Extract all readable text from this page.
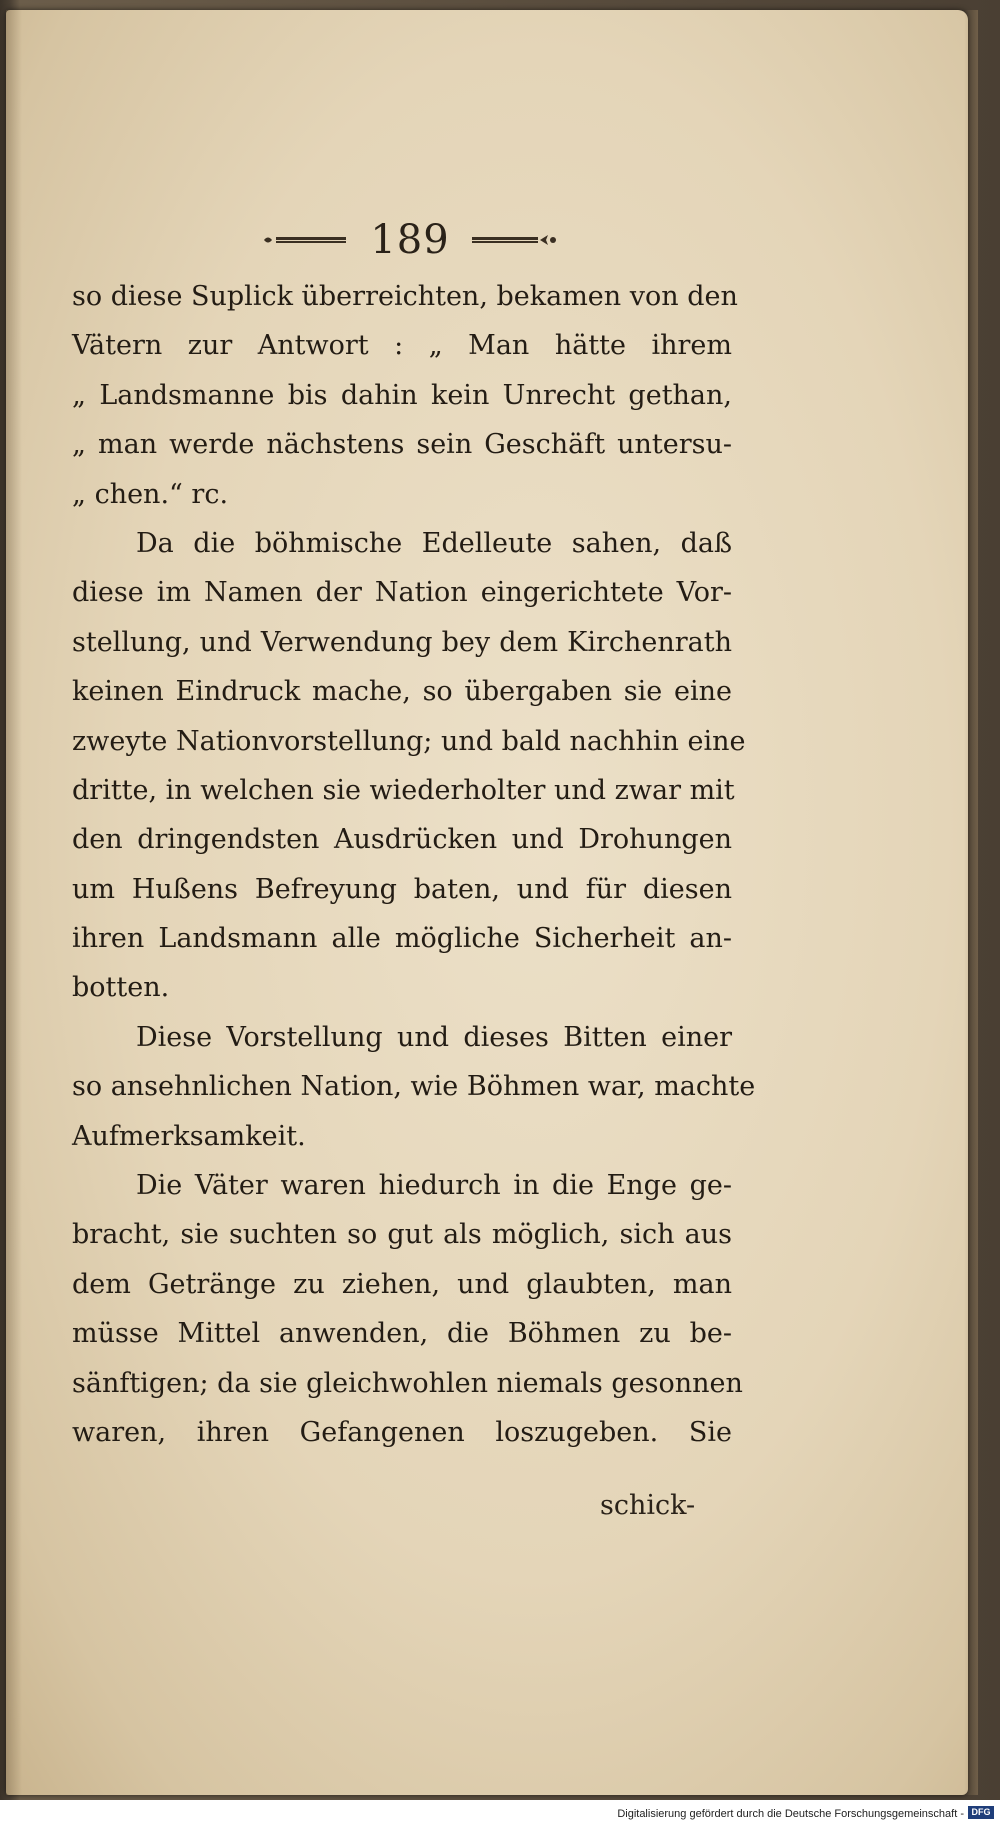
189
so diese Suplick überreichten, bekamen von den
Vätern zur Antwort : „ Man hätte ihrem
„ Landsmanne bis dahin kein Unrecht gethan,
„ man werde nächstens sein Geschäft untersu-
„ chen.“ rc.
Da die böhmische Edelleute sahen, daß
diese im Namen der Nation eingerichtete Vor-
stellung, und Verwendung bey dem Kirchenrath
keinen Eindruck mache, so übergaben sie eine
zweyte Nationvorstellung; und bald nachhin eine
dritte, in welchen sie wiederholter und zwar mit
den dringendsten Ausdrücken und Drohungen
um Hußens Befreyung baten, und für diesen
ihren Landsmann alle mögliche Sicherheit an-
botten.
Diese Vorstellung und dieses Bitten einer
so ansehnlichen Nation, wie Böhmen war, machte
Aufmerksamkeit.
Die Väter waren hiedurch in die Enge ge-
bracht, sie suchten so gut als möglich, sich aus
dem Getränge zu ziehen, und glaubten, man
müsse Mittel anwenden, die Böhmen zu be-
sänftigen; da sie gleichwohlen niemals gesonnen
waren, ihren Gefangenen loszugeben. Sie
schick-
Digitalisierung gefördert durch die Deutsche Forschungsgemeinschaft - DFG
